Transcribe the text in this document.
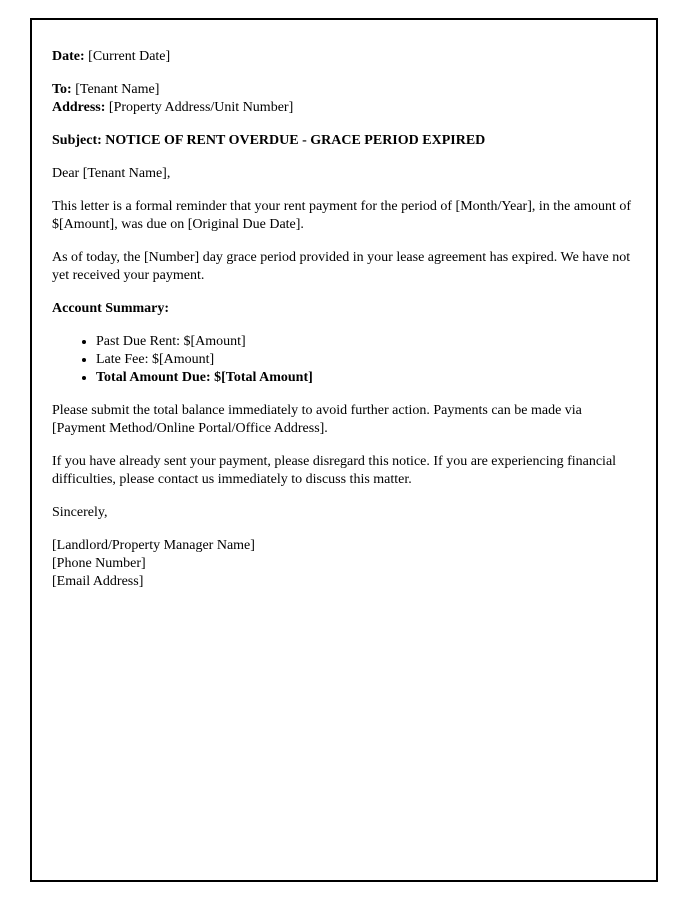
Date: [Current Date]

To: [Tenant Name]
Address: [Property Address/Unit Number]

Subject: NOTICE OF RENT OVERDUE - GRACE PERIOD EXPIRED

Dear [Tenant Name],

This letter is a formal reminder that your rent payment for the period of [Month/Year], in the amount of $[Amount], was due on [Original Due Date].

As of today, the [Number] day grace period provided in your lease agreement has expired. We have not yet received your payment.

Account Summary:

• Past Due Rent: $[Amount]
• Late Fee: $[Amount]
• Total Amount Due: $[Total Amount]

Please submit the total balance immediately to avoid further action. Payments can be made via [Payment Method/Online Portal/Office Address].

If you have already sent your payment, please disregard this notice. If you are experiencing financial difficulties, please contact us immediately to discuss this matter.

Sincerely,

[Landlord/Property Manager Name]
[Phone Number]
[Email Address]
